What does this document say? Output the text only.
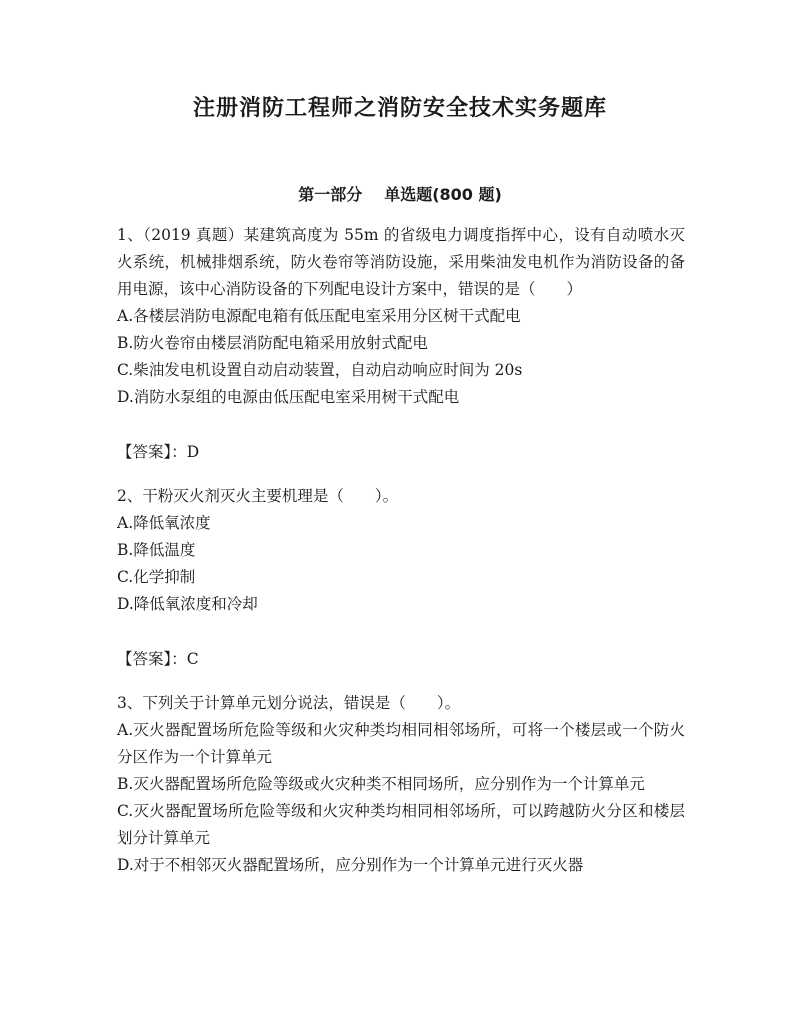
注册消防工程师之消防安全技术实务题库
第一部分 单选题(800 题)

1、（2019 真题）某建筑高度为 55m 的省级电力调度指挥中心，设有自动喷水灭火系统，机械排烟系统，防火卷帘等消防设施，采用柴油发电机作为消防设备的备用电源，该中心消防设备的下列配电设计方案中，错误的是（　　）

A.各楼层消防电源配电箱有低压配电室采用分区树干式配电

B.防火卷帘由楼层消防配电箱采用放射式配电

C.柴油发电机设置自动启动装置，自动启动响应时间为 20s

D.消防水泵组的电源由低压配电室采用树干式配电

【答案】：D

2、干粉灭火剂灭火主要机理是（　　）。

A.降低氧浓度

B.降低温度

C.化学抑制

D.降低氧浓度和冷却

【答案】：C

3、下列关于计算单元划分说法，错误是（　　）。

A.灭火器配置场所危险等级和火灾种类均相同相邻场所，可将一个楼层或一个防火分区作为一个计算单元

B.灭火器配置场所危险等级或火灾种类不相同场所，应分别作为一个计算单元

C.灭火器配置场所危险等级和火灾种类均相同相邻场所，可以跨越防火分区和楼层划分计算单元

D.对于不相邻灭火器配置场所，应分别作为一个计算单元进行灭火器
